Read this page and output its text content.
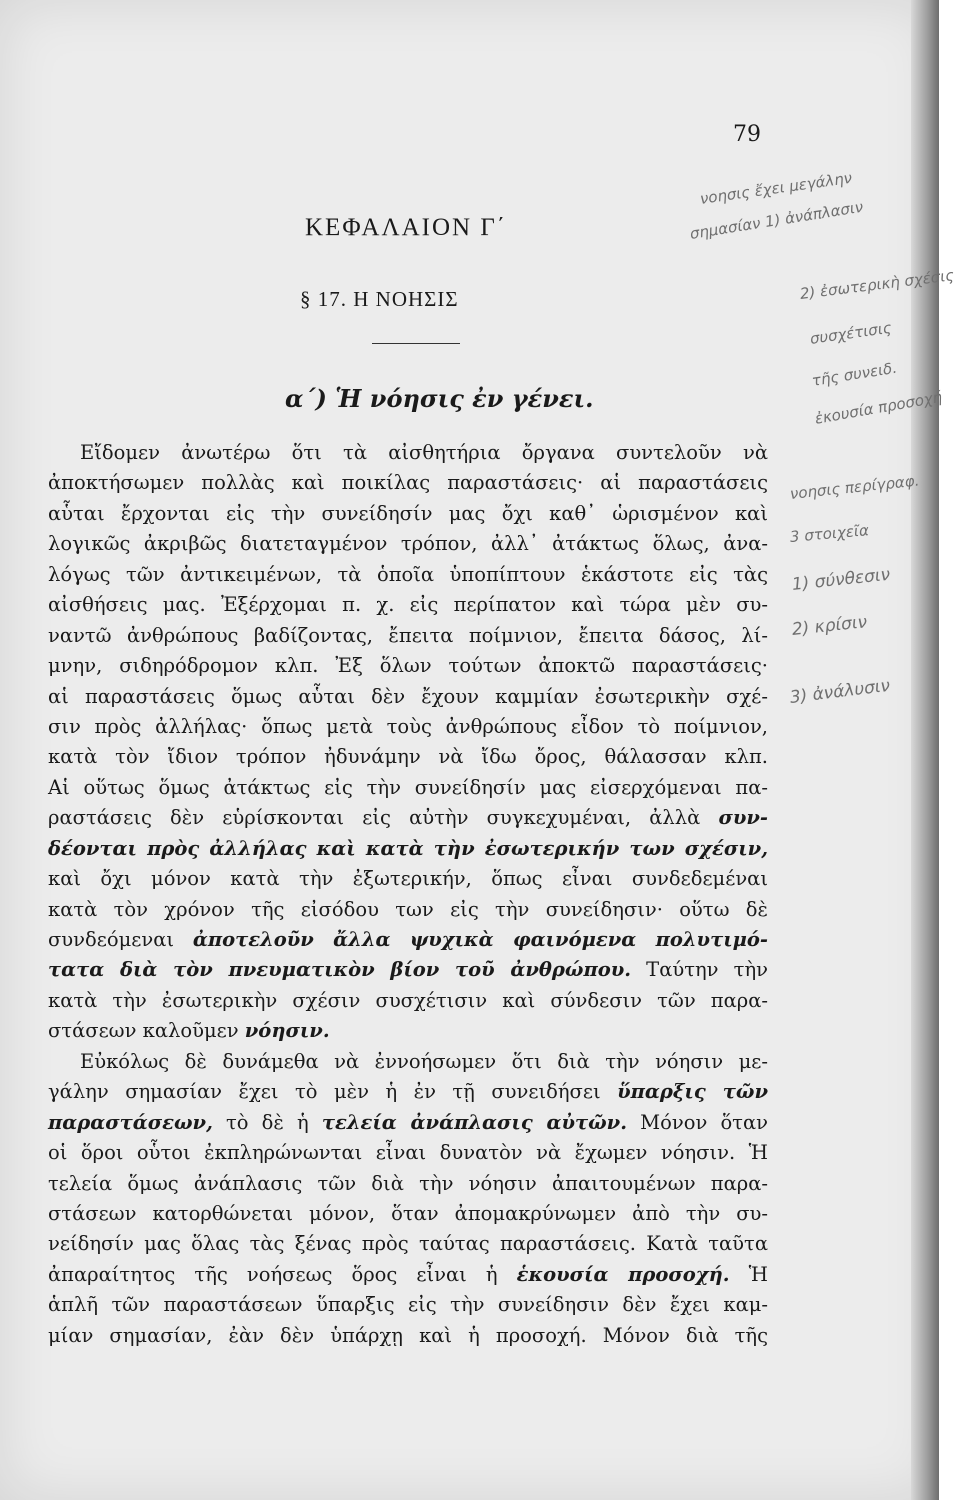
79
ΚΕΦΑΛΑΙΟΝ Γ΄
§ 17. Η ΝΟΗΣΙΣ
α΄) Ἡ νόησις ἐν γένει.
Εἴδομεν ἀνωτέρω ὅτι τὰ αἰσθητήρια ὄργανα συντελοῦν νὰ
ἀποκτήσωμεν πολλὰς καὶ ποικίλας παραστάσεις· αἱ παραστάσεις
αὗται ἔρχονται εἰς τὴν συνείδησίν μας ὄχι καθ᾽ ὡρισμένον καὶ
λογικῶς ἀκριβῶς διατεταγμένον τρόπον, ἀλλ᾽ ἀτάκτως ὅλως, ἀνα-
λόγως τῶν ἀντικειμένων, τὰ ὁποῖα ὑποπίπτουν ἑκάστοτε εἰς τὰς
αἰσθήσεις μας. Ἐξέρχομαι π. χ. εἰς περίπατον καὶ τώρα μὲν συ-
ναντῶ ἀνθρώπους βαδίζοντας, ἔπειτα ποίμνιον, ἔπειτα δάσος, λί-
μνην, σιδηρόδρομον κλπ. Ἐξ ὅλων τούτων ἀποκτῶ παραστάσεις·
αἱ παραστάσεις ὅμως αὗται δὲν ἔχουν καμμίαν ἐσωτερικὴν σχέ-
σιν πρὸς ἀλλήλας· ὅπως μετὰ τοὺς ἀνθρώπους εἶδον τὸ ποίμνιον,
κατὰ τὸν ἴδιον τρόπον ἠδυνάμην νὰ ἴδω ὄρος, θάλασσαν κλπ.
Αἱ οὕτως ὅμως ἀτάκτως εἰς τὴν συνείδησίν μας εἰσερχόμεναι πα-
ραστάσεις δὲν εὑρίσκονται εἰς αὐτὴν συγκεχυμέναι, ἀλλὰ συν-
δέονται πρὸς ἀλλήλας καὶ κατὰ τὴν ἐσωτερικήν των σχέσιν,
καὶ ὄχι μόνον κατὰ τὴν ἐξωτερικήν, ὅπως εἶναι συνδεδεμέναι
κατὰ τὸν χρόνον τῆς εἰσόδου των εἰς τὴν συνείδησιν· οὕτω δὲ
συνδεόμεναι ἀποτελοῦν ἄλλα ψυχικὰ φαινόμενα πολυτιμό-
τατα διὰ τὸν πνευματικὸν βίον τοῦ ἀνθρώπου. Ταύτην τὴν
κατὰ τὴν ἐσωτερικὴν σχέσιν συσχέτισιν καὶ σύνδεσιν τῶν παρα-
στάσεων καλοῦμεν νόησιν.
Εὐκόλως δὲ δυνάμεθα νὰ ἐννοήσωμεν ὅτι διὰ τὴν νόησιν με-
γάλην σημασίαν ἔχει τὸ μὲν ἡ ἐν τῇ συνειδήσει ὕπαρξις τῶν
παραστάσεων, τὸ δὲ ἡ τελεία ἀνάπλασις αὐτῶν. Μόνον ὅταν
οἱ ὅροι οὗτοι ἐκπληρώνωνται εἶναι δυνατὸν νὰ ἔχωμεν νόησιν. Ἡ
τελεία ὅμως ἀνάπλασις τῶν διὰ τὴν νόησιν ἀπαιτουμένων παρα-
στάσεων κατορθώνεται μόνον, ὅταν ἀπομακρύνωμεν ἀπὸ τὴν συ-
νείδησίν μας ὅλας τὰς ξένας πρὸς ταύτας παραστάσεις. Κατὰ ταῦτα
ἀπαραίτητος τῆς νοήσεως ὅρος εἶναι ἡ ἑκουσία προσοχή. Ἡ
ἁπλῆ τῶν παραστάσεων ὕπαρξις εἰς τὴν συνείδησιν δὲν ἔχει καμ-
μίαν σημασίαν, ἐὰν δὲν ὑπάρχῃ καὶ ἡ προσοχή. Μόνον διὰ τῆς
νοησις ἔχει μεγάλην
σημασίαν 1) ἀνάπλασιν
2) ἐσωτερικὴ σχέσις
συσχέτισις
τῆς συνειδ.
ἐκουσία προσοχή
νοησις περίγραφ.
3 στοιχεῖα
1) σύνθεσιν
2) κρίσιν
3) ἀνάλυσιν
